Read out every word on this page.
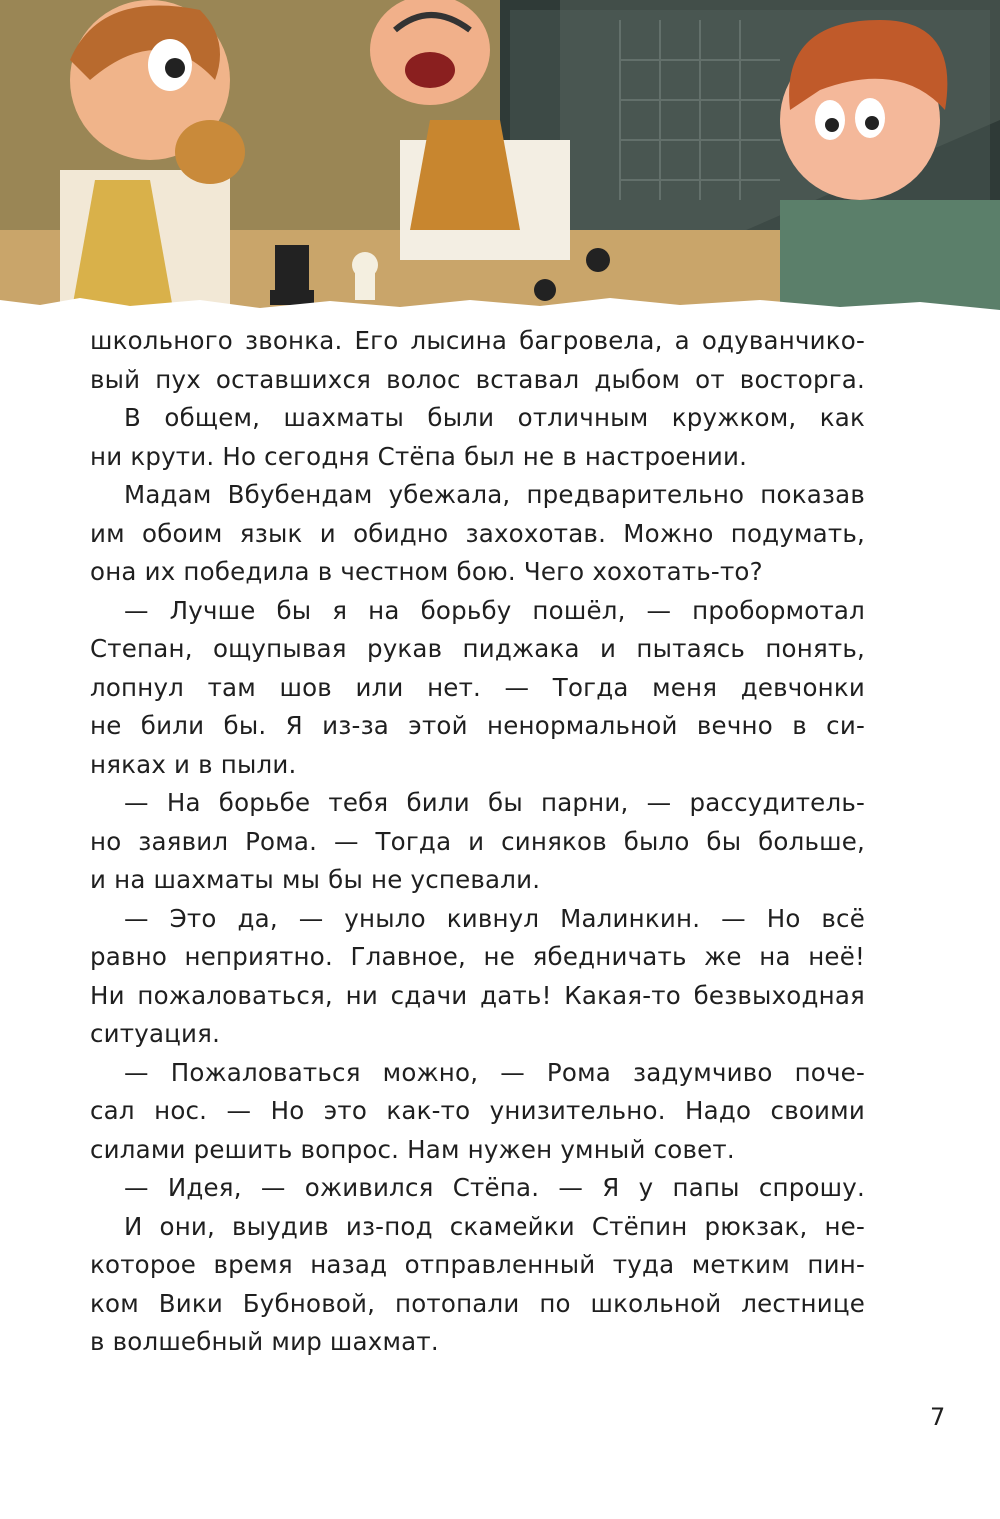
школьного звонка. Его лысина багровела, а одуванчико-
вый пух оставшихся волос вставал дыбом от восторга.
В общем, шахматы были отличным кружком, как
ни крути. Но сегодня Стёпа был не в настроении.
Мадам Вбубендам убежала, предварительно показав
им обоим язык и обидно захохотав. Можно подумать,
она их победила в честном бою. Чего хохотать-то?
— Лучше бы я на борьбу пошёл, — пробормотал
Степан, ощупывая рукав пиджака и пытаясь понять,
лопнул там шов или нет. — Тогда меня девчонки
не били бы. Я из-за этой ненормальной вечно в си-
няках и в пыли.
— На борьбе тебя били бы парни, — рассудитель-
но заявил Рома. — Тогда и синяков было бы больше,
и на шахматы мы бы не успевали.
— Это да, — уныло кивнул Малинкин. — Но всё
равно неприятно. Главное, не ябедничать же на неё!
Ни пожаловаться, ни сдачи дать! Какая-то безвыходная
ситуация.
— Пожаловаться можно, — Рома задумчиво поче-
сал нос. — Но это как-то унизительно. Надо своими
силами решить вопрос. Нам нужен умный совет.
— Идея, — оживился Стёпа. — Я у папы спрошу.
И они, выудив из-под скамейки Стёпин рюкзак, не-
которое время назад отправленный туда метким пин-
ком Вики Бубновой, потопали по школьной лестнице
в волшебный мир шахмат.
7
